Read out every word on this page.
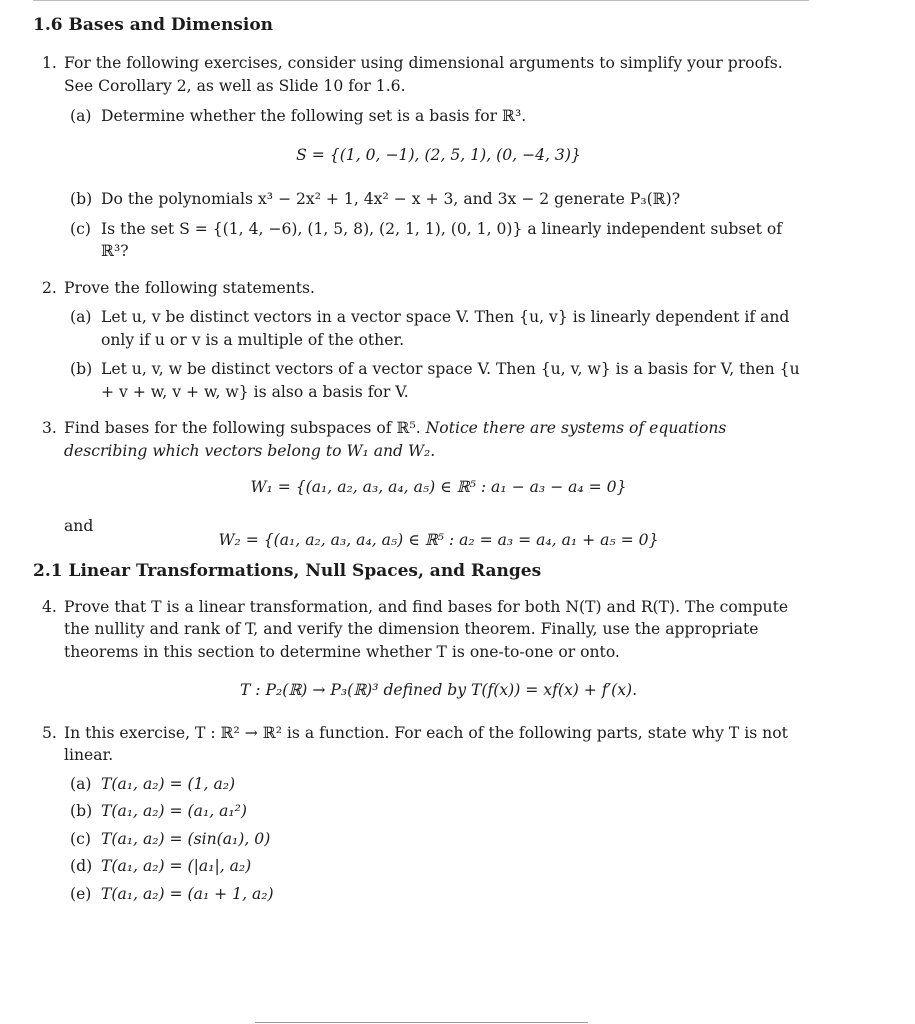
1.6 Bases and Dimension
1. For the following exercises, consider using dimensional arguments to simplify your proofs. See Corollary 2, as well as Slide 10 for 1.6.
(a) Determine whether the following set is a basis for ℝ³.
S = {(1, 0, −1), (2, 5, 1), (0, −4, 3)}
(b) Do the polynomials x³ − 2x² + 1, 4x² − x + 3, and 3x − 2 generate P₃(ℝ)?
(c) Is the set S = {(1, 4, −6), (1, 5, 8), (2, 1, 1), (0, 1, 0)} a linearly independent subset of ℝ³?
2. Prove the following statements.
(a) Let u, v be distinct vectors in a vector space V. Then {u, v} is linearly dependent if and only if u or v is a multiple of the other.
(b) Let u, v, w be distinct vectors of a vector space V. Then {u, v, w} is a basis for V, then {u + v + w, v + w, w} is also a basis for V.
3. Find bases for the following subspaces of ℝ⁵. Notice there are systems of equations describing which vectors belong to W₁ and W₂.
W₁ = {(a₁, a₂, a₃, a₄, a₅) ∈ ℝ⁵ : a₁ − a₃ − a₄ = 0}
and
W₂ = {(a₁, a₂, a₃, a₄, a₅) ∈ ℝ⁵ : a₂ = a₃ = a₄, a₁ + a₅ = 0}
2.1 Linear Transformations, Null Spaces, and Ranges
4. Prove that T is a linear transformation, and find bases for both N(T) and R(T). The compute the nullity and rank of T, and verify the dimension theorem. Finally, use the appropriate theorems in this section to determine whether T is one-to-one or onto.
T : P₂(ℝ) → P₃(ℝ)³ defined by T(f(x)) = xf(x) + f′(x).
5. In this exercise, T : ℝ² → ℝ² is a function. For each of the following parts, state why T is not linear.
(a) T(a₁, a₂) = (1, a₂)
(b) T(a₁, a₂) = (a₁, a₁²)
(c) T(a₁, a₂) = (sin(a₁), 0)
(d) T(a₁, a₂) = (|a₁|, a₂)
(e) T(a₁, a₂) = (a₁ + 1, a₂)
